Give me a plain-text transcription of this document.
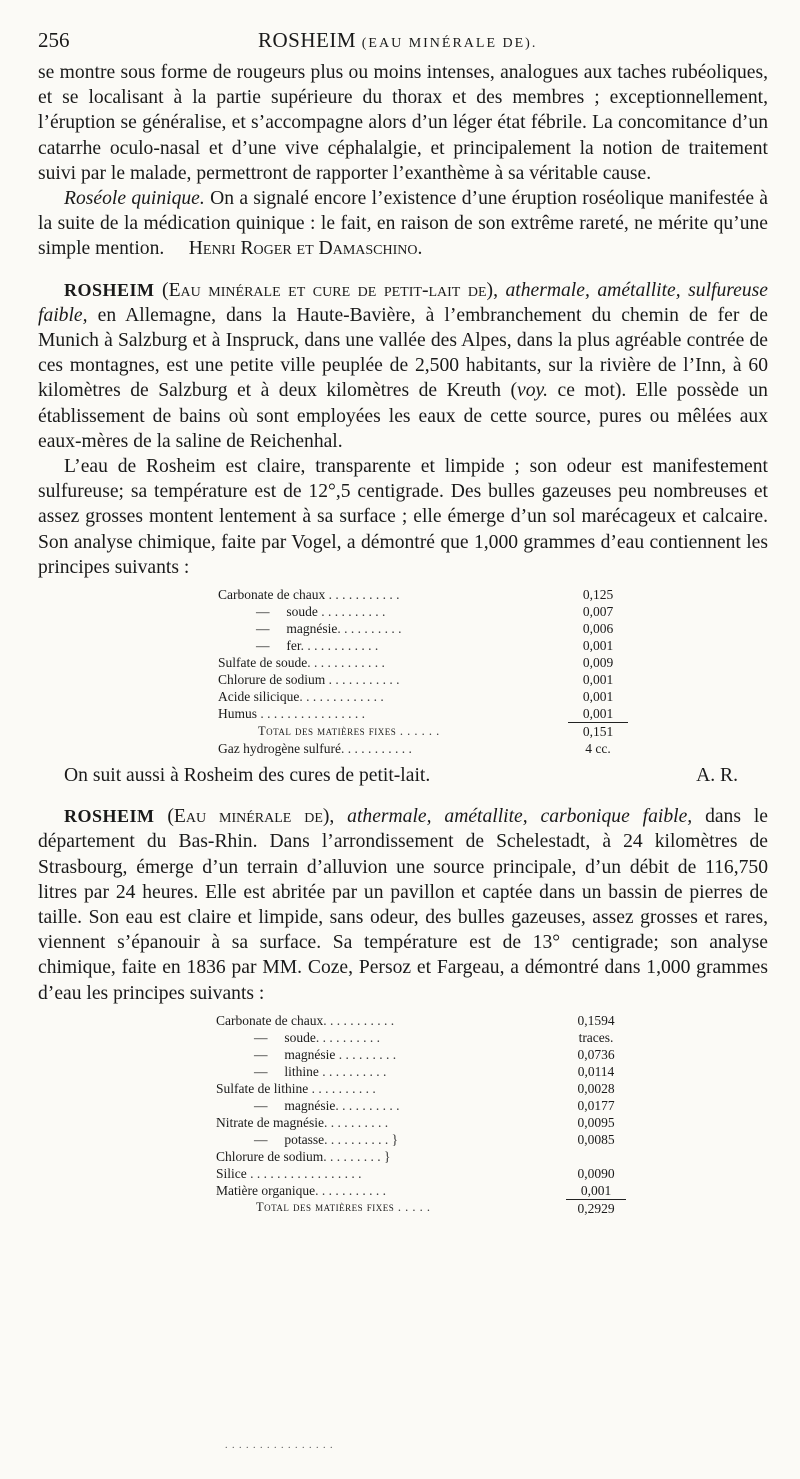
256	ROSHEIM (EAU MINÉRALE DE).

se montre sous forme de rougeurs plus ou moins intenses, analogues aux taches rubéoliques, et se localisant à la partie supérieure du thorax et des membres ; exceptionnellement, l’éruption se généralise, et s’accompagne alors d’un léger état fébrile. La concomitance d’un catarrhe oculo-nasal et d’une vive céphalalgie, et principalement la notion de traitement suivi par le malade, permettront de rapporter l’exanthème à sa véritable cause.

Roséole quinique. On a signalé encore l’existence d’une éruption roséolique manifestée à la suite de la médication quinique : le fait, en raison de son extrême rareté, ne mérite qu’une simple mention. Henri Roger et Damaschino.

ROSHEIM (Eau minérale et cure de petit-lait de), athermale, amétallite, sulfureuse faible, en Allemagne, dans la Haute-Bavière, à l’embranchement du chemin de fer de Munich à Salzburg et à Inspruck, dans une vallée des Alpes, dans la plus agréable contrée de ces montagnes, est une petite ville peuplée de 2,500 habitants, sur la rivière de l’Inn, à 60 kilomètres de Salzburg et à deux kilomètres de Kreuth (voy. ce mot). Elle possède un établissement de bains où sont employées les eaux de cette source, pures ou mêlées aux eaux-mères de la saline de Reichenhal.

L’eau de Rosheim est claire, transparente et limpide ; son odeur est manifestement sulfureuse; sa température est de 12°,5 centigrade. Des bulles gazeuses peu nombreuses et assez grosses montent lentement à sa surface ; elle émerge d’un sol marécageux et calcaire. Son analyse chimique, faite par Vogel, a démontré que 1,000 grammes d’eau contiennent les principes suivants :

Carbonate de chaux . . . . . . . . . . .	0,125
—     soude . . . . . . . . . .	0,007
—     magnésie. . . . . . . . . .	0,006
—     fer. . . . . . . . . . . .	0,001
Sulfate de soude. . . . . . . . . . . .	0,009
Chlorure de sodium . . . . . . . . . . .	0,001
Acide silicique. . . . . . . . . . . . .	0,001
Humus . . . . . . . . . . . . . . . .	0,001
Total des matières fixes . . . . . .	0,151
Gaz hydrogène sulfuré. . . . . . . . . . .	4 cc.

On suit aussi à Rosheim des cures de petit-lait.	A. R.

ROSHEIM (Eau minérale de), athermale, amétallite, carbonique faible, dans le département du Bas-Rhin. Dans l’arrondissement de Schelestadt, à 24 kilomètres de Strasbourg, émerge d’un terrain d’alluvion une source principale, d’un débit de 116,750 litres par 24 heures. Elle est abritée par un pavillon et captée dans un bassin de pierres de taille. Son eau est claire et limpide, sans odeur, des bulles gazeuses, assez grosses et rares, viennent s’épanouir à sa surface. Sa température est de 13° centigrade; son analyse chimique, faite en 1836 par MM. Coze, Persoz et Fargeau, a démontré dans 1,000 grammes d’eau les principes suivants :

Carbonate de chaux. . . . . . . . . . .	0,1594
—     soude. . . . . . . . . .	traces.
—     magnésie . . . . . . . . .	0,0736
—     lithine . . . . . . . . . .	0,0114
Sulfate de lithine . . . . . . . . . .	0,0028
—     magnésie. . . . . . . . . .	0,0177
Nitrate de magnésie. . . . . . . . . .	0,0095
—     potasse. . . . . . . . . . }	0,0085
Chlorure de sodium. . . . . . . . . }	
Silice . . . . . . . . . . . . . . . . .	0,0090
Matière organique. . . . . . . . . . .	0,001
Total des matières fixes . . . . .	0,2929
. . . . . . . . . . . . . . . .
